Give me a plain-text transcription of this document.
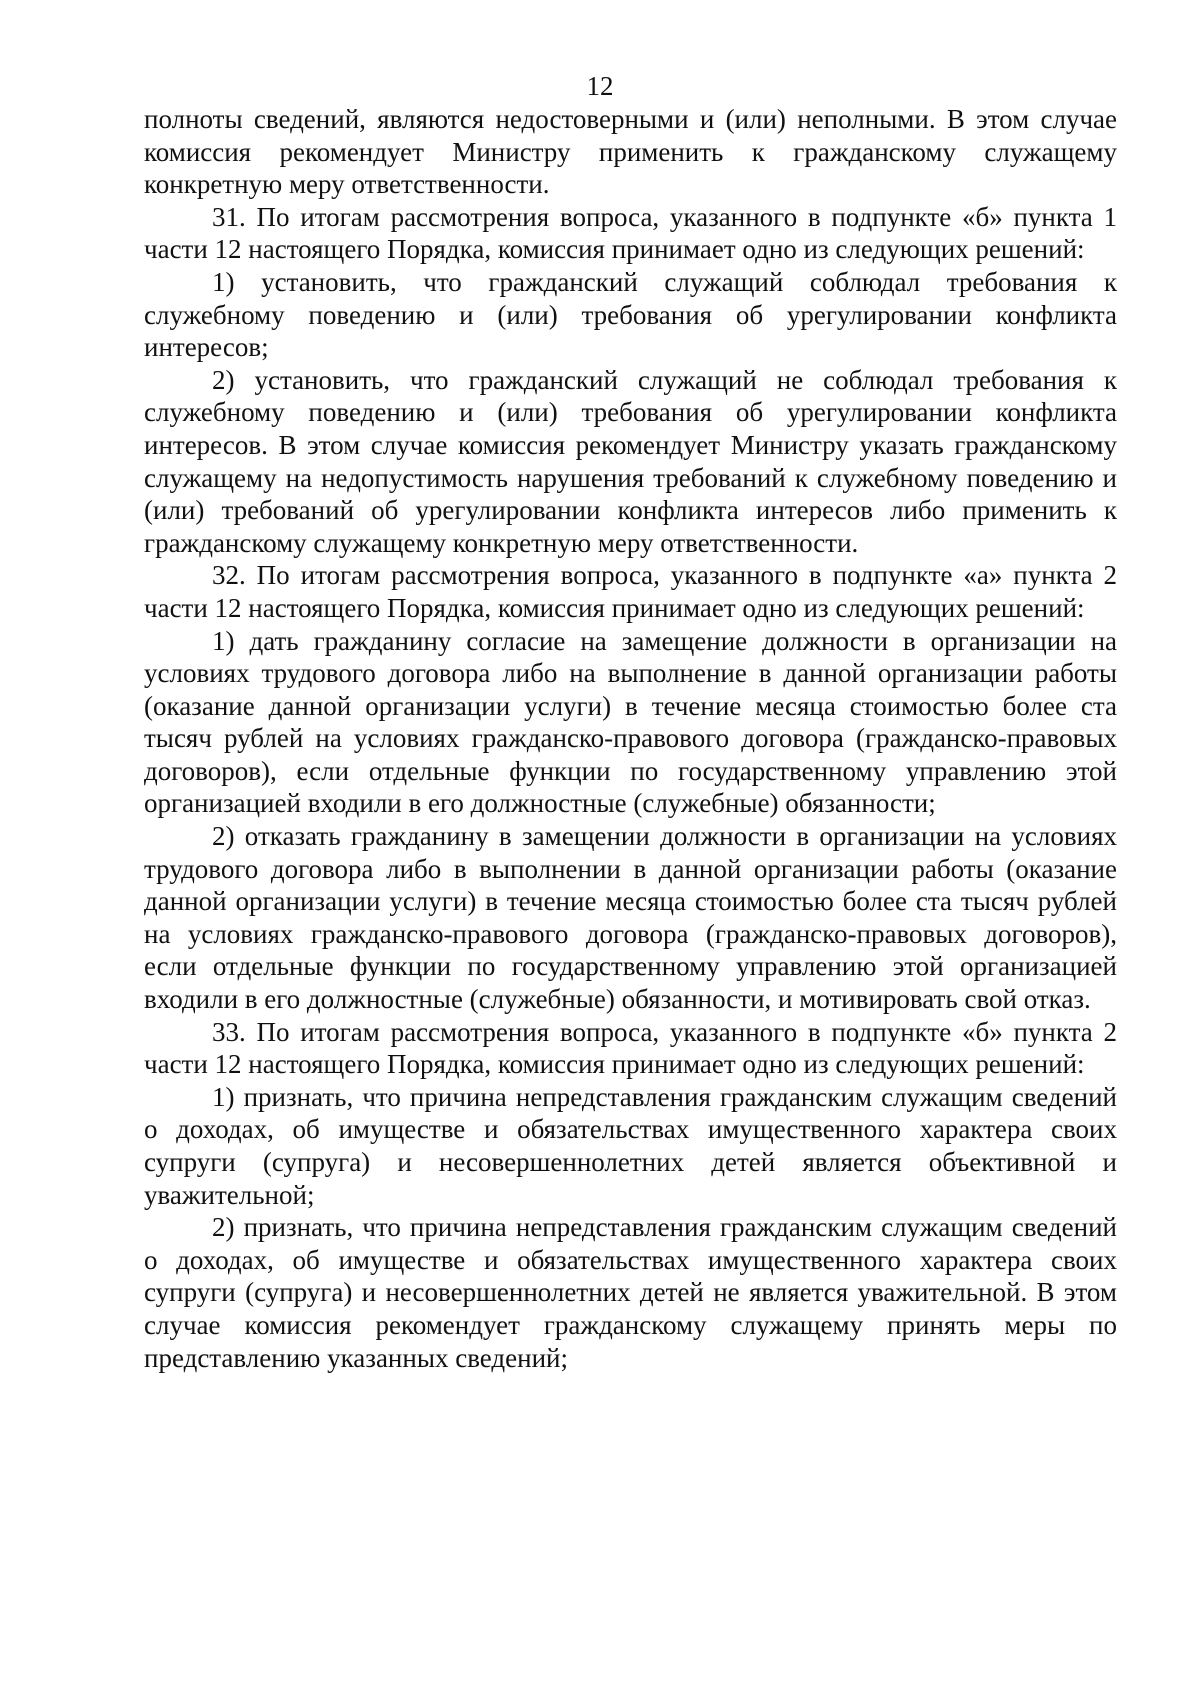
12

полноты сведений, являются недостоверными и (или) неполными. В этом случае комиссия рекомендует Министру применить к гражданскому служащему конкретную меру ответственности.

31. По итогам рассмотрения вопроса, указанного в подпункте «б» пункта 1 части 12 настоящего Порядка, комиссия принимает одно из следующих решений:

1) установить, что гражданский служащий соблюдал требования к служебному поведению и (или) требования об урегулировании конфликта интересов;

2) установить, что гражданский служащий не соблюдал требования к служебному поведению и (или) требования об урегулировании конфликта интересов. В этом случае комиссия рекомендует Министру указать гражданскому служащему на недопустимость нарушения требований к служебному поведению и (или) требований об урегулировании конфликта интересов либо применить к гражданскому служащему конкретную меру ответственности.

32. По итогам рассмотрения вопроса, указанного в подпункте «а» пункта 2 части 12 настоящего Порядка, комиссия принимает одно из следующих решений:

1) дать гражданину согласие на замещение должности в организации на условиях трудового договора либо на выполнение в данной организации работы (оказание данной организации услуги) в течение месяца стоимостью более ста тысяч рублей на условиях гражданско-правового договора (гражданско-правовых договоров), если отдельные функции по государственному управлению этой организацией входили в его должностные (служебные) обязанности;

2) отказать гражданину в замещении должности в организации на условиях трудового договора либо в выполнении в данной организации работы (оказание данной организации услуги) в течение месяца стоимостью более ста тысяч рублей на условиях гражданско-правового договора (гражданско-правовых договоров), если отдельные функции по государственному управлению этой организацией входили в его должностные (служебные) обязанности, и мотивировать свой отказ.

33. По итогам рассмотрения вопроса, указанного в подпункте «б» пункта 2 части 12 настоящего Порядка, комиссия принимает одно из следующих решений:

1) признать, что причина непредставления гражданским служащим сведений о доходах, об имуществе и обязательствах имущественного характера своих супруги (супруга) и несовершеннолетних детей является объективной и уважительной;

2) признать, что причина непредставления гражданским служащим сведений о доходах, об имуществе и обязательствах имущественного характера своих супруги (супруга) и несовершеннолетних детей не является уважительной. В этом случае комиссия рекомендует гражданскому служащему принять меры по представлению указанных сведений;
